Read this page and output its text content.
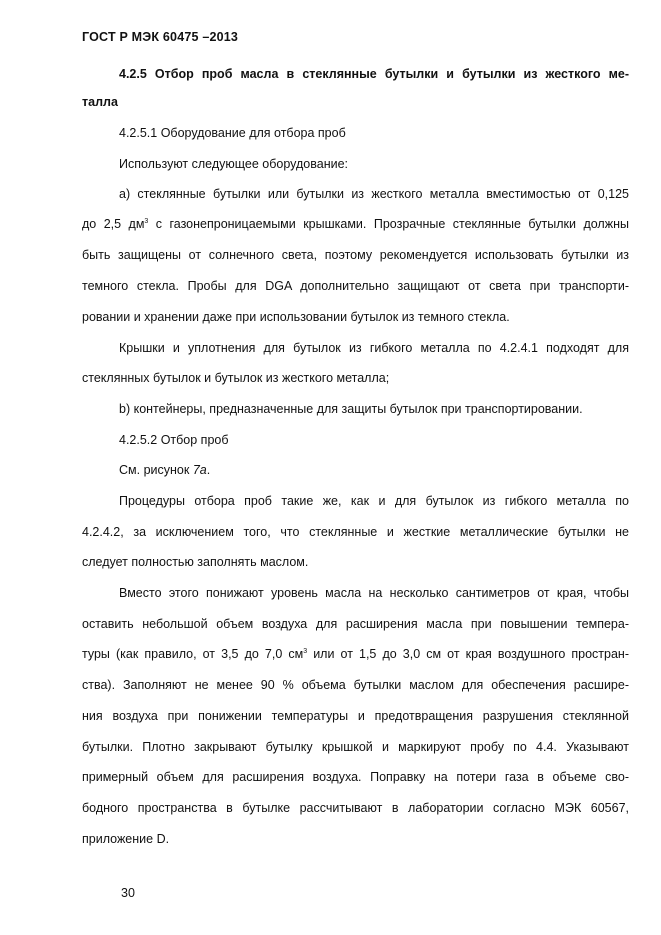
ГОСТ Р МЭК 60475 –2013
4.2.5 Отбор проб масла в стеклянные бутылки и бутылки из жесткого ме-
талла
4.2.5.1 Оборудование для отбора проб
Используют следующее оборудование:
а) стеклянные бутылки или бутылки из жесткого металла вместимостью от 0,125
до 2,5 $дм^3$ с газонепроницаемыми крышками. Прозрачные стеклянные бутылки должны
быть защищены от солнечного света, поэтому рекомендуется использовать бутылки из
темного стекла. Пробы для DGA дополнительно защищают от света при транспорти-
ровании и хранении даже при использовании бутылок из темного стекла.
Крышки и уплотнения для бутылок из гибкого металла по 4.2.4.1 подходят для
стеклянных бутылок и бутылок из жесткого металла;
b) контейнеры, предназначенные для защиты бутылок при транспортировании.
4.2.5.2 Отбор проб
См. рисунок 7а.
Процедуры отбора проб такие же, как и для бутылок из гибкого металла по
4.2.4.2, за исключением того, что стеклянные и жесткие металлические бутылки не
следует полностью заполнять маслом.
Вместо этого понижают уровень масла на несколько сантиметров от края, чтобы
оставить небольшой объем воздуха для расширения масла при повышении темпера-
туры (как правило, от 3,5 до 7,0 $см^3$ или от 1,5 до 3,0 см от края воздушного простран-
ства). Заполняют не менее 90 % объема бутылки маслом для обеспечения расшире-
ния воздуха при понижении температуры и предотвращения разрушения стеклянной
бутылки. Плотно закрывают бутылку крышкой и маркируют пробу по 4.4. Указывают
примерный объем для расширения воздуха. Поправку на потери газа в объеме сво-
бодного пространства в бутылке рассчитывают в лаборатории согласно МЭК 60567,
приложение D.
30
